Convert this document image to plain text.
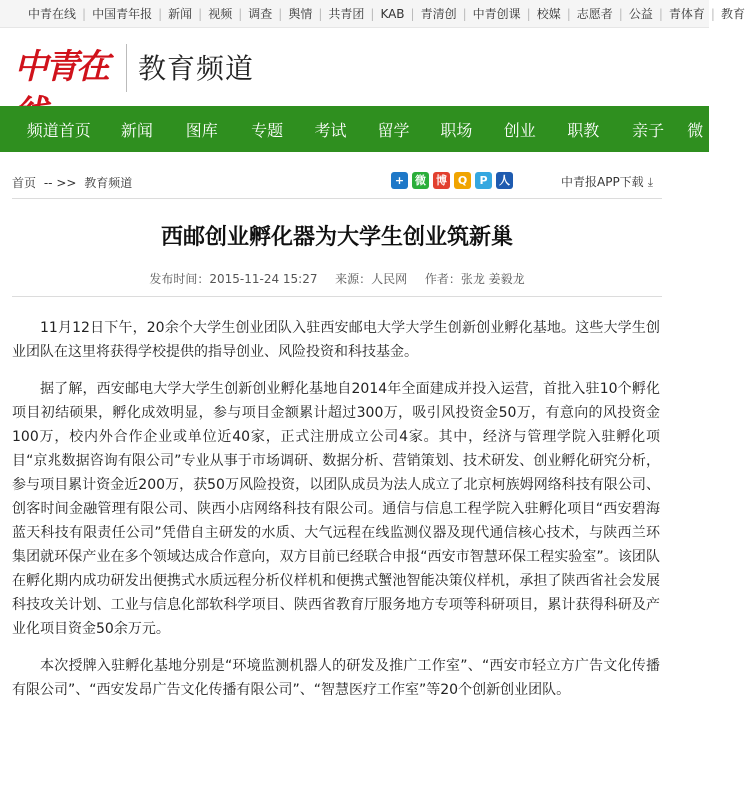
中青在线 | 中国青年报 | 新闻 | 视频 | 调查 | 舆情 | 共青团 | KAB | 青清创 | 中青创课 | 校媒 | 志愿者 | 公益 | 青体育 | 教育
中青在	教育频道
频道首页	新闻	图库	专题	考试	留学	职场	创业	职教	亲子	微
首页 -- >> 教育频道	+ 微 博 Q	P	人	中青报APP下载 ⤓
西邮创业孵化器为大学生创业筑新巢
发布时间：2015-11-24 15:27 来源：人民网 作者：张龙 姜毅龙

11月12日下午，20余个大学生创业团队入驻西安邮电大学大学生创新创业孵化基地。这些大学生创业团队在这里将获得学校提供的指导创业、风险投资和科技基金。

据了解，西安邮电大学大学生创新创业孵化基地自2014年全面建成并投入运营，首批入驻10个孵化项目初结硕果，孵化成效明显，参与项目金额累计超过300万，吸引风投资金50万，有意向的风投资金100万，校内外合作企业或单位近40家，正式注册成立公司4家。其中，经济与管理学院入驻孵化项目“京兆数据咨询有限公司”专业从事于市场调研、数据分析、营销策划、技术研发、创业孵化研究分析，参与项目累计资金近200万，获50万风险投资，以团队成员为法人成立了北京柯族姆网络科技有限公司、创客时间金融管理有限公司、陕西小店网络科技有限公司。通信与信息工程学院入驻孵化项目“西安碧海蓝天科技有限责任公司”凭借自主研发的水质、大气远程在线监测仪器及现代通信核心技术，与陕西兰环集团就环保产业在多个领域达成合作意向，双方目前已经联合申报“西安市智慧环保工程实验室”。该团队在孵化期内成功研发出便携式水质远程分析仪样机和便携式蟹池智能决策仪样机，承担了陕西省社会发展科技攻关计划、工业与信息化部软科学项目、陕西省教育厅服务地方专项等科研项目，累计获得科研及产业化项目资金50余万元。

本次授牌入驻孵化基地分别是“环境监测机器人的研发及推广工作室”、“西安市轻立方广告文化传播有限公司”、“西安发昂广告文化传播有限公司”、“智慧医疗工作室”等20个创新创业团队。
